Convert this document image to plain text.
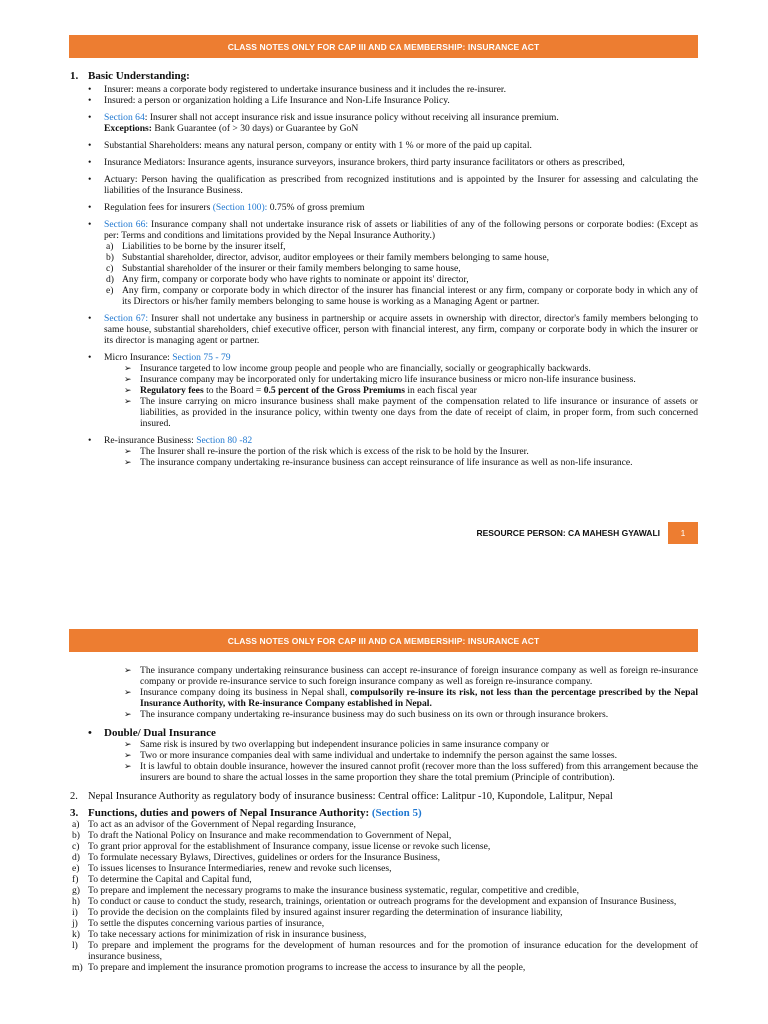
CLASS NOTES ONLY FOR CAP III AND CA MEMBERSHIP: INSURANCE ACT
1. Basic Understanding:
• Insurer: means a corporate body registered to undertake insurance business and it includes the re-insurer.
• Insured: a person or organization holding a Life Insurance and Non-Life Insurance Policy.
• Section 64: Insurer shall not accept insurance risk and issue insurance policy without receiving all insurance premium.
Exceptions: Bank Guarantee (of > 30 days) or Guarantee by GoN
• Substantial Shareholders: means any natural person, company or entity with 1 % or more of the paid up capital.
• Insurance Mediators: Insurance agents, insurance surveyors, insurance brokers, third party insurance facilitators or others as prescribed,
• Actuary: Person having the qualification as prescribed from recognized institutions and is appointed by the Insurer for assessing and calculating the liabilities of the Insurance Business.
• Regulation fees for insurers (Section 100): 0.75% of gross premium
• Section 66: Insurance company shall not undertake insurance risk of assets or liabilities of any of the following persons or corporate bodies: (Except as per: Terms and conditions and limitations provided by the Nepal Insurance Authority.)
a) Liabilities to be borne by the insurer itself,
b) Substantial shareholder, director, advisor, auditor employees or their family members belonging to same house,
c) Substantial shareholder of the insurer or their family members belonging to same house,
d) Any firm, company or corporate body who have rights to nominate or appoint its' director,
e) Any firm, company or corporate body in which director of the insurer has financial interest or any firm, company or corporate body in which any of its Directors or his/her family members belonging to same house is working as a Managing Agent or partner.
• Section 67: Insurer shall not undertake any business in partnership or acquire assets in ownership with director, director's family members belonging to same house, substantial shareholders, chief executive officer, person with financial interest, any firm, company or corporate body in which the insurer or its director is managing agent or partner.
• Micro Insurance: Section 75 - 79
➢ Insurance targeted to low income group people and people who are financially, socially or geographically backwards.
➢ Insurance company may be incorporated only for undertaking micro life insurance business or micro non-life insurance business.
➢ Regulatory fees to the Board = 0.5 percent of the Gross Premiums in each fiscal year
➢ The insure carrying on micro insurance business shall make payment of the compensation related to life insurance or insurance of assets or liabilities, as provided in the insurance policy, within twenty one days from the date of receipt of claim, in proper form, from such concerned insured.
• Re-insurance Business: Section 80 -82
➢ The Insurer shall re-insure the portion of the risk which is excess of the risk to be hold by the Insurer.
➢ The insurance company undertaking re-insurance business can accept reinsurance of life insurance as well as non-life insurance.
RESOURCE PERSON: CA MAHESH GYAWALI	1
CLASS NOTES ONLY FOR CAP III AND CA MEMBERSHIP: INSURANCE ACT
➢ The insurance company undertaking reinsurance business can accept re-insurance of foreign insurance company as well as foreign re-insurance company or provide re-insurance service to such foreign insurance company as well as foreign re-insurance company.
➢ Insurance company doing its business in Nepal shall, compulsorily re-insure its risk, not less than the percentage prescribed by the Nepal Insurance Authority, with Re-insurance Company established in Nepal.
➢ The insurance company undertaking re-insurance business may do such business on its own or through insurance brokers.
• Double/ Dual Insurance
➢ Same risk is insured by two overlapping but independent insurance policies in same insurance company or
➢ Two or more insurance companies deal with same individual and undertake to indemnify the person against the same losses.
➢ It is lawful to obtain double insurance, however the insured cannot profit (recover more than the loss suffered) from this arrangement because the insurers are bound to share the actual losses in the same proportion they share the total premium (Principle of contribution).
2. Nepal Insurance Authority as regulatory body of insurance business: Central office: Lalitpur -10, Kupondole, Lalitpur, Nepal
3. Functions, duties and powers of Nepal Insurance Authority: (Section 5)
a) To act as an advisor of the Government of Nepal regarding Insurance,
b) To draft the National Policy on Insurance and make recommendation to Government of Nepal,
c) To grant prior approval for the establishment of Insurance company, issue license or revoke such license,
d) To formulate necessary Bylaws, Directives, guidelines or orders for the Insurance Business,
e) To issues licenses to Insurance Intermediaries, renew and revoke such licenses,
f) To determine the Capital and Capital fund,
g) To prepare and implement the necessary programs to make the insurance business systematic, regular, competitive and credible,
h) To conduct or cause to conduct the study, research, trainings, orientation or outreach programs for the development and expansion of Insurance Business,
i) To provide the decision on the complaints filed by insured against insurer regarding the determination of insurance liability,
j) To settle the disputes concerning various parties of insurance,
k) To take necessary actions for minimization of risk in insurance business,
l) To prepare and implement the programs for the development of human resources and for the promotion of insurance education for the development of insurance business,
m) To prepare and implement the insurance promotion programs to increase the access to insurance by all the people,
